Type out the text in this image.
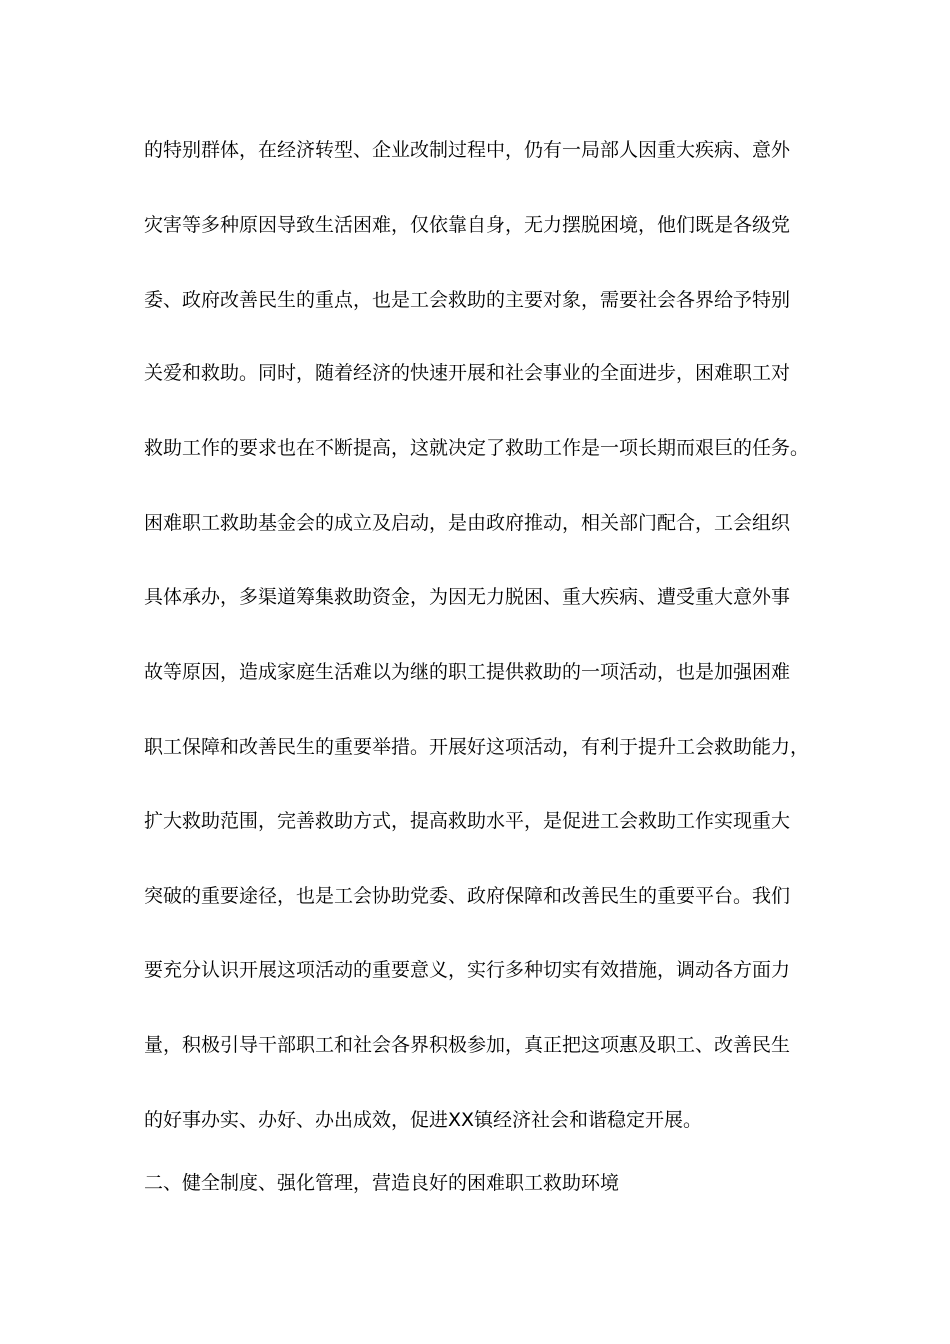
的特别群体，在经济转型、企业改制过程中，仍有一局部人因重大疾病、意外
灾害等多种原因导致生活困难，仅依靠自身，无力摆脱困境，他们既是各级党
委、政府改善民生的重点，也是工会救助的主要对象，需要社会各界给予特别
关爱和救助。同时，随着经济的快速开展和社会事业的全面进步，困难职工对
救助工作的要求也在不断提高，这就决定了救助工作是一项长期而艰巨的任务。
困难职工救助基金会的成立及启动，是由政府推动，相关部门配合，工会组织
具体承办，多渠道筹集救助资金，为因无力脱困、重大疾病、遭受重大意外事
故等原因，造成家庭生活难以为继的职工提供救助的一项活动，也是加强困难
职工保障和改善民生的重要举措。开展好这项活动，有利于提升工会救助能力，
扩大救助范围，完善救助方式，提高救助水平，是促进工会救助工作实现重大
突破的重要途径，也是工会协助党委、政府保障和改善民生的重要平台。我们
要充分认识开展这项活动的重要意义，实行多种切实有效措施，调动各方面力
量，积极引导干部职工和社会各界积极参加，真正把这项惠及职工、改善民生
的好事办实、办好、办出成效，促进XX镇经济社会和谐稳定开展。
二、健全制度、强化管理，营造良好的困难职工救助环境
